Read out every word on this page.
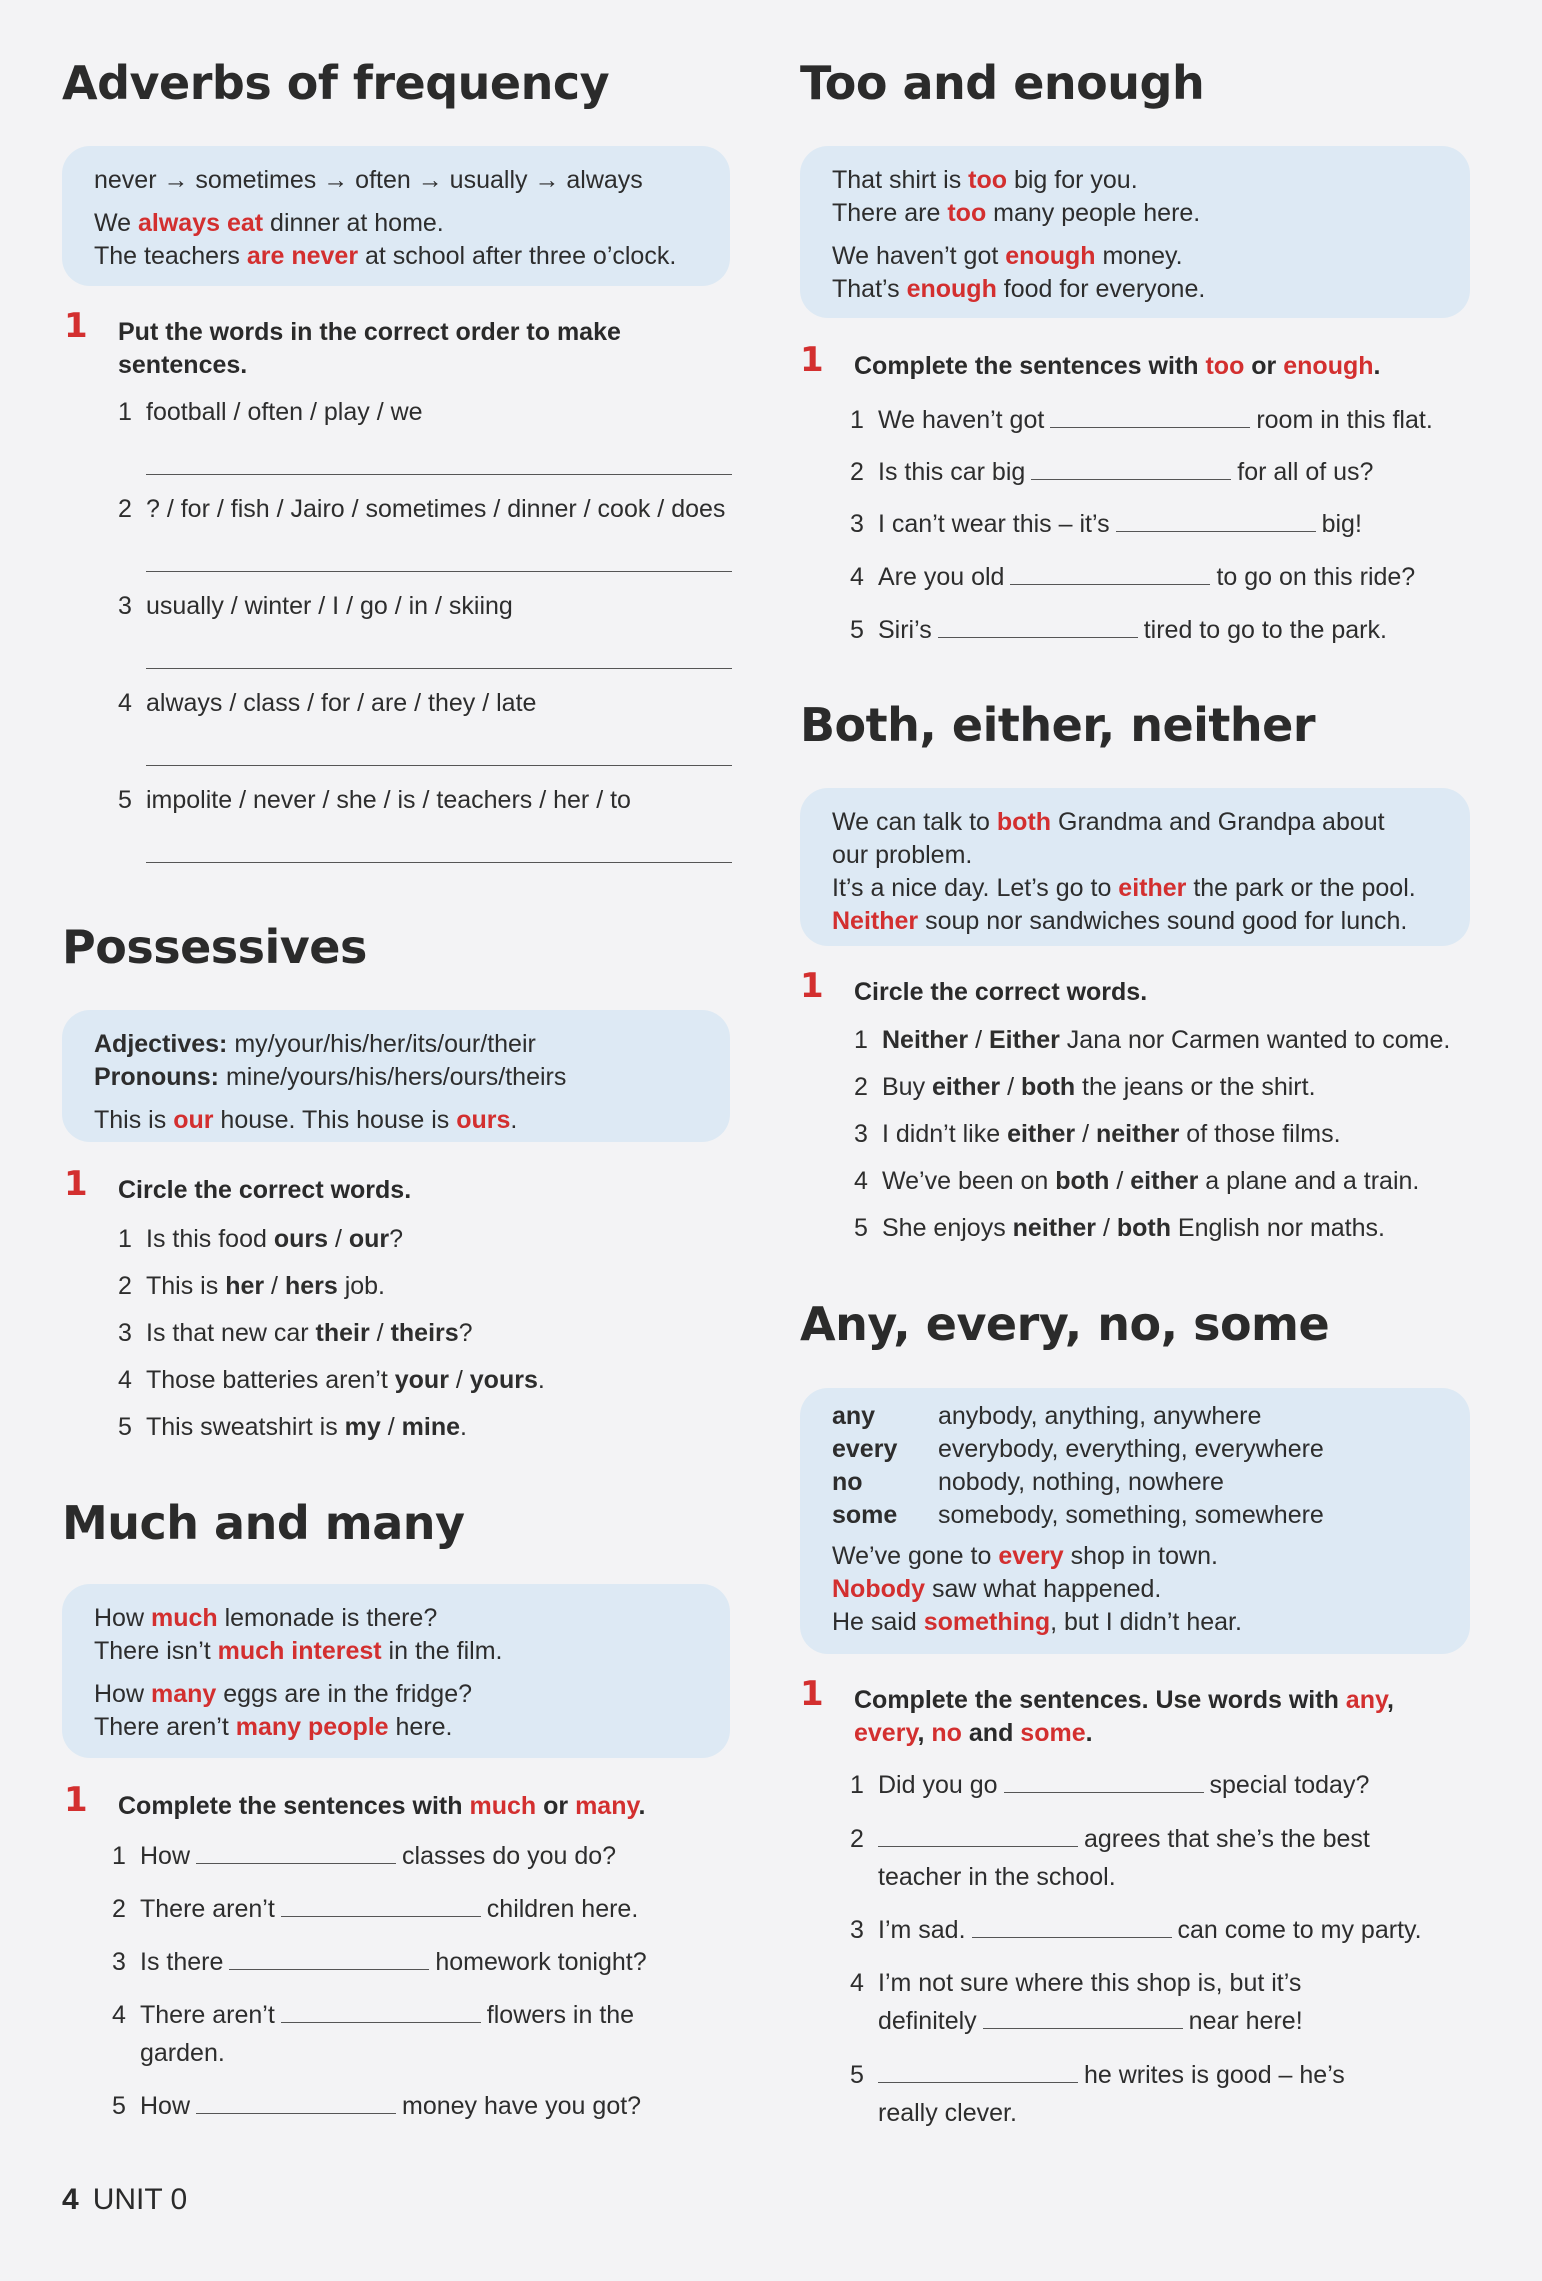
Adverbs of frequency

never → sometimes → often → usually → always

We always eat dinner at home.

The teachers are never at school after three o’clock.

1 Put the words in the correct order to make sentences.
1 football / often / play / we
2 ? / for / fish / Jairo / sometimes / dinner / cook / does
3 usually / winter / I / go / in / skiing
4 always / class / for / are / they / late
5 impolite / never / she / is / teachers / her / to
Possessives

Adjectives: my/your/his/her/its/our/their

Pronouns: mine/yours/his/hers/ours/theirs

This is our house. This house is ours.

1 Circle the correct words.
1 Is this food ours / our?
2 This is her / hers job.
3 Is that new car their / theirs?
4 Those batteries aren’t your / yours.
5 This sweatshirt is my / mine.
Much and many

How much lemonade is there?

There isn’t much interest in the film.

How many eggs are in the fridge?

There aren’t many people here.

1 Complete the sentences with much or many.
1 How	classes do you do?
2 There aren’t	children here.
3 Is there	homework tonight?
4 There aren’t	flowers in the
garden.
5 How	money have you got?
Too and enough

That shirt is too big for you.

There are too many people here.

We haven’t got enough money.

That’s enough food for everyone.

1 Complete the sentences with too or enough.
1 We haven’t got	room in this flat.
2 Is this car big	for all of us?
3 I can’t wear this – it’s	big!
4 Are you old	to go on this ride?
5 Siri’s	tired to go to the park.
Both, either, neither

We can talk to both Grandma and Grandpa about

our problem.

It’s a nice day. Let’s go to either the park or the pool.

Neither soup nor sandwiches sound good for lunch.

1 Circle the correct words.
1 Neither / Either Jana nor Carmen wanted to come.
2 Buy either / both the jeans or the shirt.
3 I didn’t like either / neither of those films.
4 We’ve been on both / either a plane and a train.
5 She enjoys neither / both English nor maths.
Any, every, no, some
any	anybody, anything, anywhere
every	everybody, everything, everywhere
no	nobody, nothing, nowhere
some	somebody, something, somewhere

We’ve gone to every shop in town.

Nobody saw what happened.

He said something, but I didn’t hear.

1 Complete the sentences. Use words with any, every, no and some.
1 Did you go	special today?
2	agrees that she’s the best
teacher in the school.
3 I’m sad.	can come to my party.
4 I’m not sure where this shop is, but it’s
definitely	near here!
5	he writes is good – he’s
really clever.
4 UNIT 0
